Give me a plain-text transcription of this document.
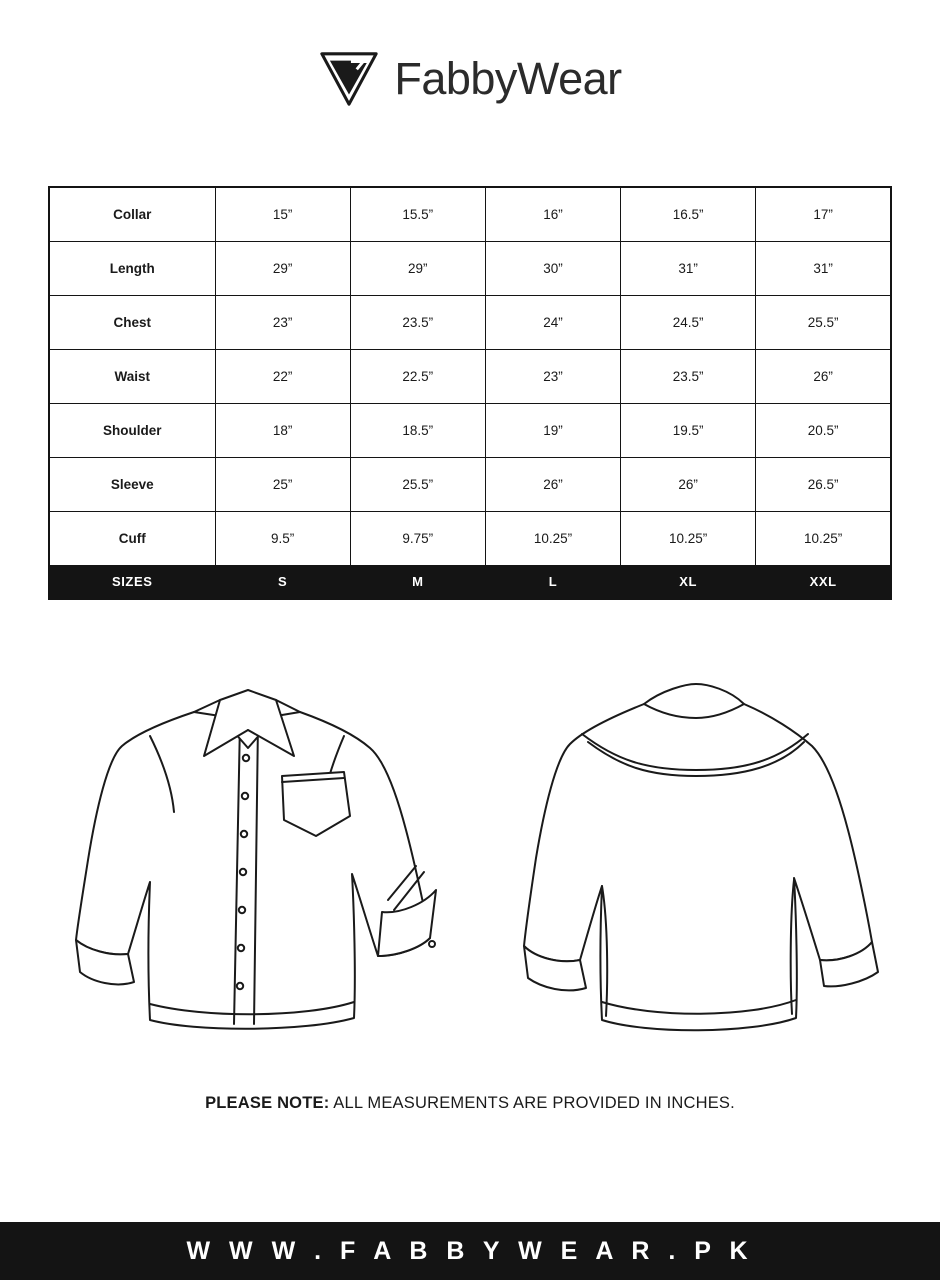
FabbyWear
Collar	15”	15.5”	16”	16.5”	17”
Length	29”	29”	30”	31”	31”
Chest	23”	23.5”	24”	24.5”	25.5”
Waist	22”	22.5”	23”	23.5”	26”
Shoulder	18”	18.5”	19”	19.5”	20.5”
Sleeve	25”	25.5”	26”	26”	26.5”
Cuff	9.5”	9.75”	10.25”	10.25”	10.25”
SIZES	S	M	L	XL	XXL
PLEASE NOTE: ALL MEASUREMENTS ARE PROVIDED IN INCHES.
W W W . F A B B Y W E A R . P K
